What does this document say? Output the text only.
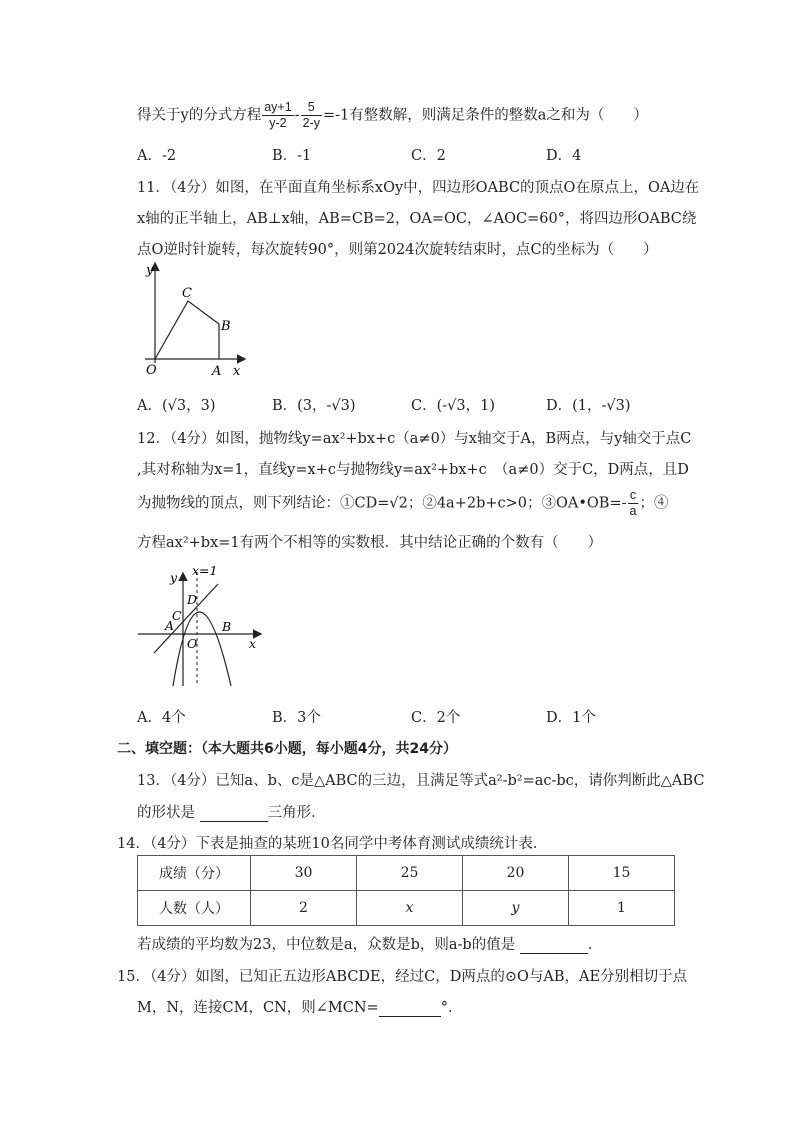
得关于y的分式方程 $\frac{ay+1}{y-2} - \frac{5}{2-y} =-1$有整数解，则满足条件的整数a之和为（　　）
A．-2	B．-1	C．2	D．4
11．（4分）如图，在平面直角坐标系xOy中，四边形OABC的顶点O在原点上，OA边在
x轴的正半轴上，AB⊥x轴，AB=CB=2，OA=OC，∠AOC=60°，将四边形OABC绕
点O逆时针旋转，每次旋转90°，则第2024次旋转结束时，点C的坐标为（　　）
y
x
O	A
B
C
A．(√3，3)	B．(3，-√3)	C．(-√3，1)	D．(1，-√3)
12．（4分）如图，抛物线y=ax²+bx+c（a≠0）与x轴交于A，B两点，与y轴交于点C
,其对称轴为x=1，直线y=x+c与抛物线y=ax²+bx+c　（a≠0）交于C，D两点，且D
为抛物线的顶点，则下列结论：①CD=√2；②4a+2b+c>0；③OA•OB=- $\frac{c}{a}$ ；④
方程ax²+bx=1有两个不相等的实数根．其中结论正确的个数有（　　）
x=1
y
x
O
A	B
C
D
A．4个	B．3个	C．2个	D．1个
二、填空题：（本大题共6小题，每小题4分，共24分）
13．（4分）已知a、b、c是△ABC的三边，且满足等式a²-b²=ac-bc，请你判断此△ABC
的形状是	三角形．
14．（4分）下表是抽查的某班10名同学中考体育测试成绩统计表．
成绩（分）	30	25	20	15
人数（人）	2	x	y	1
若成绩的平均数为23，中位数是a，众数是b，则a-b的值是	．
15．（4分）如图，已知正五边形ABCDE，经过C，D两点的⊙O与AB，AE分别相切于点
M，N，连接CM，CN，则∠MCN=	°．
